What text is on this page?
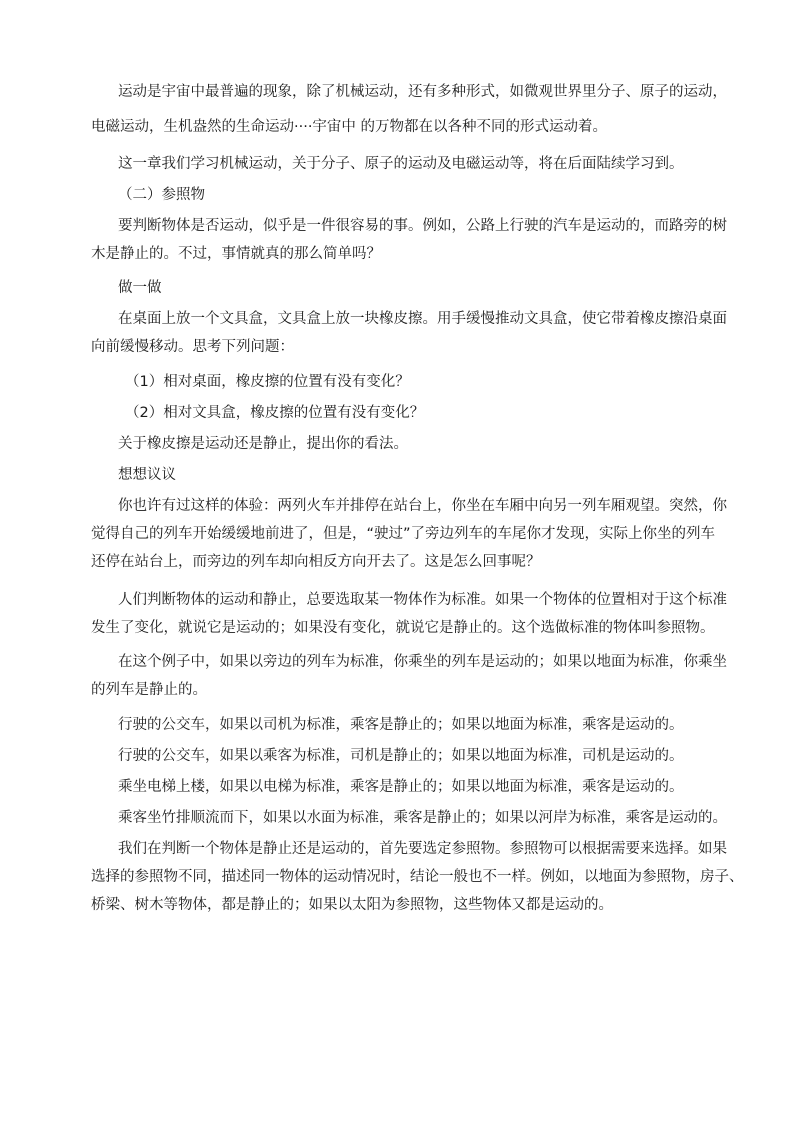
运动是宇宙中最普遍的现象，除了机械运动，还有多种形式，如微观世界里分子、原子的运动，
电磁运动，生机盎然的生命运动····宇宙中 的万物都在以各种不同的形式运动着。

这一章我们学习机械运动，关于分子、原子的运动及电磁运动等，将在后面陆续学习到。

（二）参照物

要判断物体是否运动，似乎是一件很容易的事。例如，公路上行驶的汽车是运动的，而路旁的树
木是静止的。不过，事情就真的那么简单吗？

做一做

在桌面上放一个文具盒，文具盒上放一块橡皮擦。用手缓慢推动文具盒，使它带着橡皮擦沿桌面
向前缓慢移动。思考下列问题：

（1）相对桌面，橡皮擦的位置有没有变化？

（2）相对文具盒，橡皮擦的位置有没有变化？

关于橡皮擦是运动还是静止，提出你的看法。

想想议议

你也许有过这样的体验：两列火车并排停在站台上，你坐在车厢中向另一列车厢观望。突然，你
觉得自己的列车开始缓缓地前进了，但是，“驶过”了旁边列车的车尾你才发现，实际上你坐的列车
还停在站台上，而旁边的列车却向相反方向开去了。这是怎么回事呢？

人们判断物体的运动和静止，总要选取某一物体作为标准。如果一个物体的位置相对于这个标准
发生了变化，就说它是运动的；如果没有变化，就说它是静止的。这个选做标准的物体叫参照物。

在这个例子中，如果以旁边的列车为标准，你乘坐的列车是运动的；如果以地面为标准，你乘坐
的列车是静止的。

行驶的公交车，如果以司机为标准，乘客是静止的；如果以地面为标准，乘客是运动的。

行驶的公交车，如果以乘客为标准，司机是静止的；如果以地面为标准，司机是运动的。

乘坐电梯上楼，如果以电梯为标准，乘客是静止的；如果以地面为标准，乘客是运动的。

乘客坐竹排顺流而下，如果以水面为标准，乘客是静止的；如果以河岸为标准，乘客是运动的。

我们在判断一个物体是静止还是运动的，首先要选定参照物。参照物可以根据需要来选择。如果
选择的参照物不同，描述同一物体的运动情况时，结论一般也不一样。例如，以地面为参照物，房子、
桥梁、树木等物体，都是静止的；如果以太阳为参照物，这些物体又都是运动的。
